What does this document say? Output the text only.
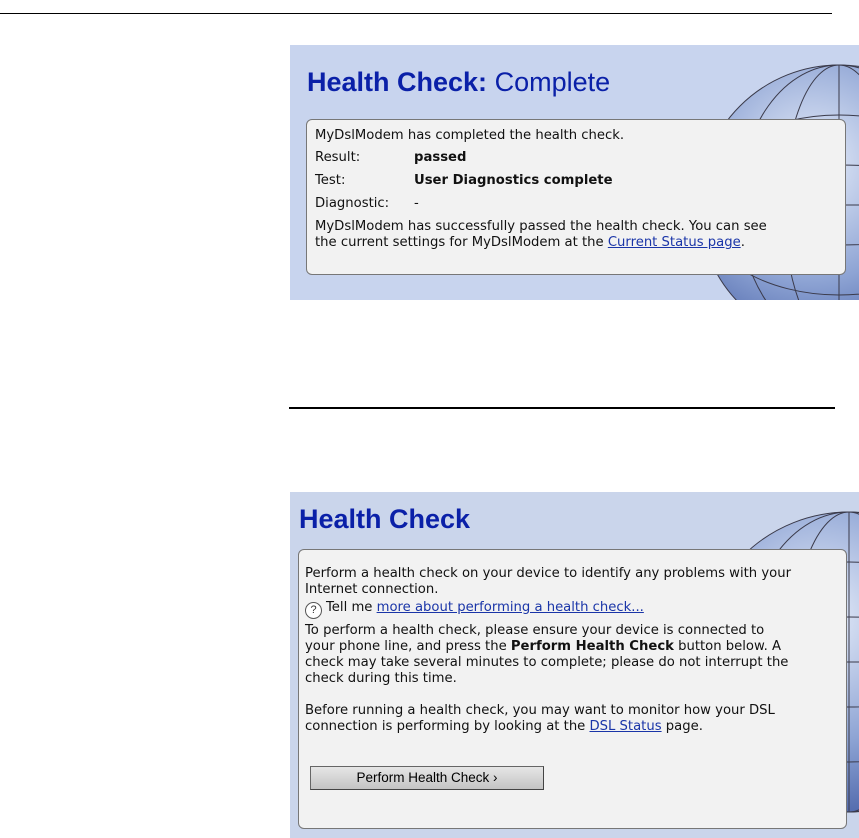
Health Check: Complete
MyDslModem has completed the health check.
Result:	passed
Test:	User Diagnostics complete
Diagnostic: -
MyDslModem has successfully passed the health check. You can see
the current settings for MyDslModem at the Current Status page.
Health Check
Perform a health check on your device to identify any problems with your
Internet connection.
? Tell me more about performing a health check...
To perform a health check, please ensure your device is connected to
your phone line, and press the Perform Health Check button below. A
check may take several minutes to complete; please do not interrupt the
check during this time.
Before running a health check, you may want to monitor how your DSL
connection is performing by looking at the DSL Status page.
Perform Health Check ›
